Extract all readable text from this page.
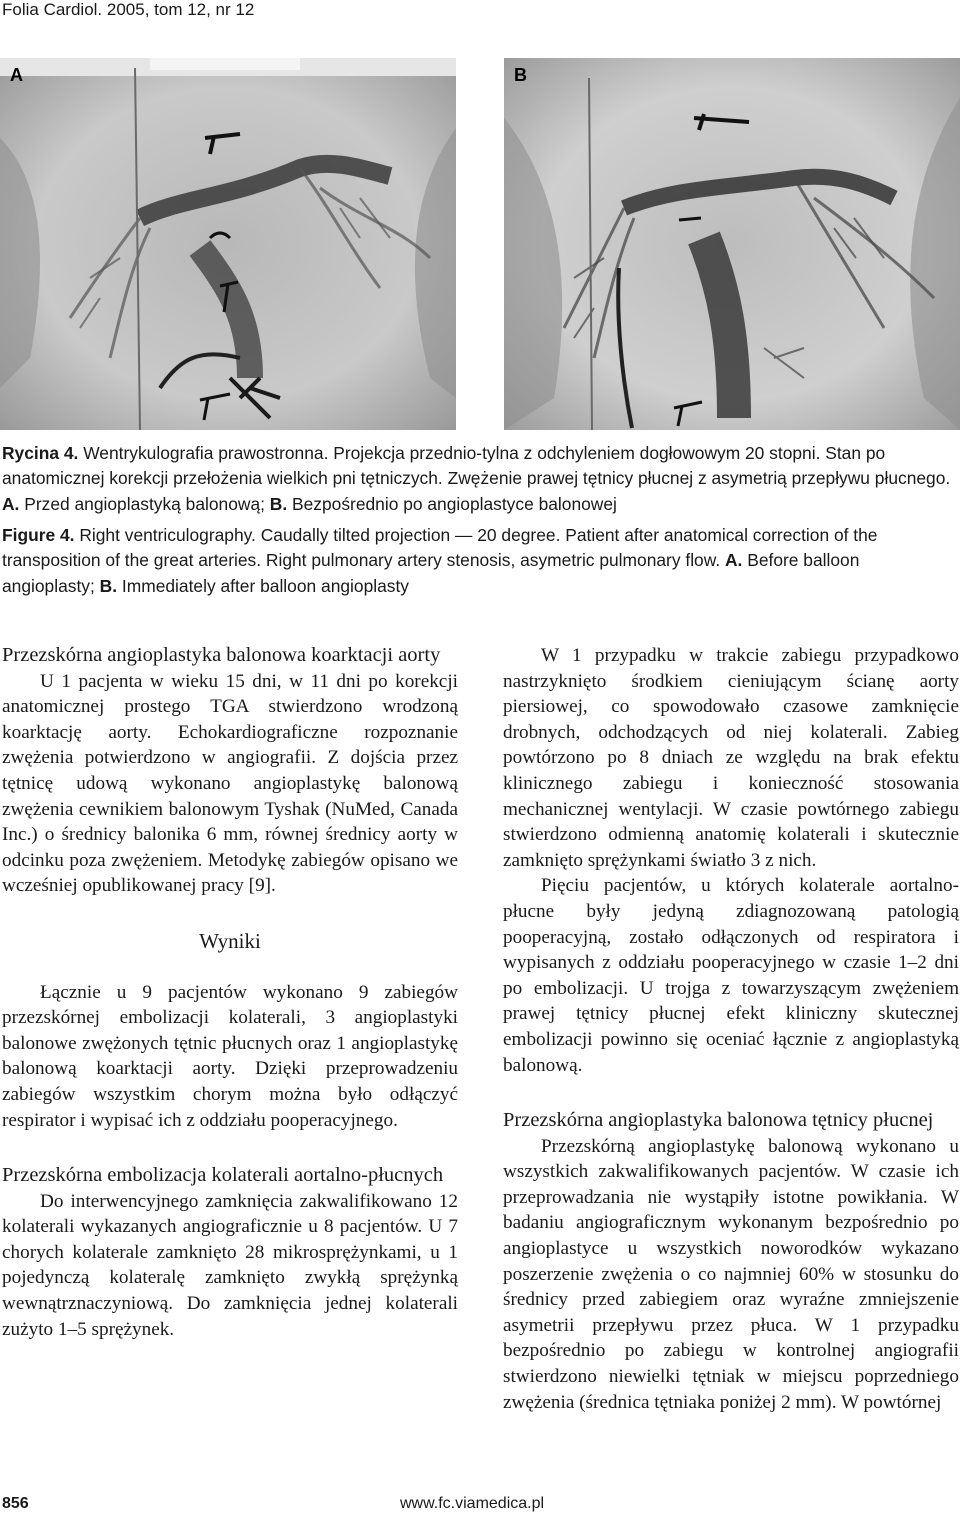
Folia Cardiol. 2005, tom 12, nr 12
A	B
Rycina 4. Wentrykulografia prawostronna. Projekcja przednio-tylna z odchyleniem dogłowowym 20 stopni. Stan po anatomicznej korekcji przełożenia wielkich pni tętniczych. Zwężenie prawej tętnicy płucnej z asymetrią przepływu płucnego. A. Przed angioplastyką balonową; B. Bezpośrednio po angioplastyce balonowej
Figure 4. Right ventriculography. Caudally tilted projection — 20 degree. Patient after anatomical correction of the transposition of the great arteries. Right pulmonary artery stenosis, asymetric pulmonary flow. A. Before balloon angioplasty; B. Immediately after balloon angioplasty
Przezskórna angioplastyka balonowa koarktacji aorty

U 1 pacjenta w wieku 15 dni, w 11 dni po korekcji anatomicznej prostego TGA stwierdzono wrodzoną koarktację aorty. Echokardiograficzne rozpoznanie zwężenia potwierdzono w angiografii. Z dojścia przez tętnicę udową wykonano angioplastykę balonową zwężenia cewnikiem balonowym Tyshak (NuMed, Canada Inc.) o średnicy balonika 6 mm, równej średnicy aorty w odcinku poza zwężeniem. Metodykę zabiegów opisano we wcześniej opublikowanej pracy [9].

Wyniki

Łącznie u 9 pacjentów wykonano 9 zabiegów przezskórnej embolizacji kolaterali, 3 angioplastyki balonowe zwężonych tętnic płucnych oraz 1 angioplastykę balonową koarktacji aorty. Dzięki przeprowadzeniu zabiegów wszystkim chorym można było odłączyć respirator i wypisać ich z oddziału pooperacyjnego.

Przezskórna embolizacja kolaterali aortalno-płucnych

Do interwencyjnego zamknięcia zakwalifikowano 12 kolaterali wykazanych angiograficznie u 8 pacjentów. U 7 chorych kolaterale zamknięto 28 mikrosprężynkami, u 1 pojedynczą kolateralę zamknięto zwykłą sprężynką wewnątrznaczyniową. Do zamknięcia jednej kolaterali zużyto 1–5 sprężynek.

W 1 przypadku w trakcie zabiegu przypadkowo nastrzyknięto środkiem cieniującym ścianę aorty piersiowej, co spowodowało czasowe zamknięcie drobnych, odchodzących od niej kolaterali. Zabieg powtórzono po 8 dniach ze względu na brak efektu klinicznego zabiegu i konieczność stosowania mechanicznej wentylacji. W czasie powtórnego zabiegu stwierdzono odmienną anatomię kolaterali i skutecznie zamknięto sprężynkami światło 3 z nich.

Pięciu pacjentów, u których kolaterale aortalno-płucne były jedyną zdiagnozowaną patologią pooperacyjną, zostało odłączonych od respiratora i wypisanych z oddziału pooperacyjnego w czasie 1–2 dni po embolizacji. U trojga z towarzyszącym zwężeniem prawej tętnicy płucnej efekt kliniczny skutecznej embolizacji powinno się oceniać łącznie z angioplastyką balonową.

Przezskórna angioplastyka balonowa tętnicy płucnej

Przezskórną angioplastykę balonową wykonano u wszystkich zakwalifikowanych pacjentów. W czasie ich przeprowadzania nie wystąpiły istotne powikłania. W badaniu angiograficznym wykonanym bezpośrednio po angioplastyce u wszystkich noworodków wykazano poszerzenie zwężenia o co najmniej 60% w stosunku do średnicy przed zabiegiem oraz wyraźne zmniejszenie asymetrii przepływu przez płuca. W 1 przypadku bezpośrednio po zabiegu w kontrolnej angiografii stwierdzono niewielki tętniak w miejscu poprzedniego zwężenia (średnica tętniaka poniżej 2 mm). W powtórnej

856	www.fc.viamedica.pl
